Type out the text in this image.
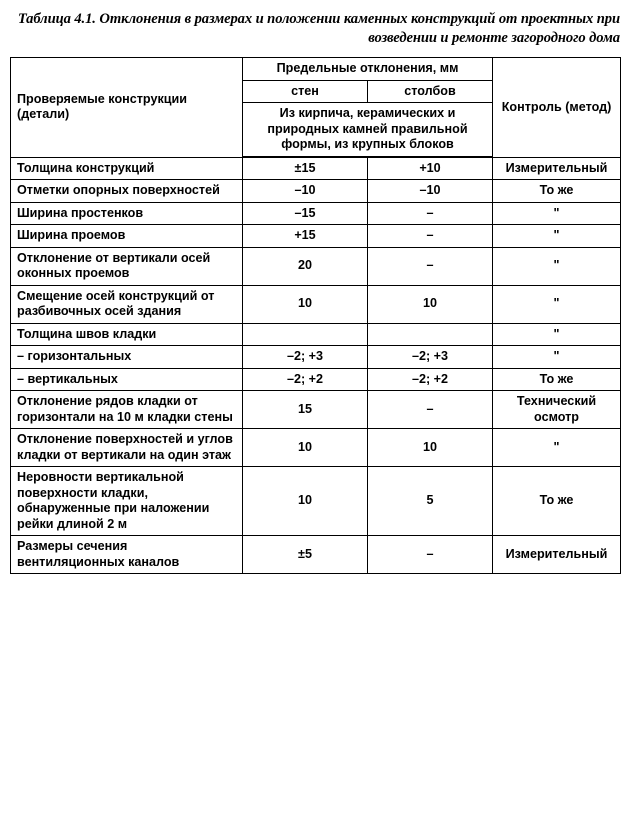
Таблица 4.1. Отклонения в размерах и положении каменных конструкций от проектных при возведении и ремонте загородного дома
Проверяемые конструкции (детали)	Предельные отклонения, мм		Контроль (метод)
	стен	столбов	
	Из кирпича, керамических и природных камней правильной формы, из крупных блоков		

Толщина конструкций	±15	+10	Измерительный
Отметки опорных поверхностей	–10	–10	То же
Ширина простенков	–15	–	"
Ширина проемов	+15	–	"
Отклонение от вертикали осей оконных проемов	20	–	"
Смещение осей конструкций от разбивочных осей здания	10	10	"
Толщина швов кладки			"
– горизонтальных	–2; +3	–2; +3	"
– вертикальных	–2; +2	–2; +2	То же
Отклонение рядов кладки от горизонтали на 10 м кладки стены	15	–	Технический осмотр
Отклонение поверхностей и углов кладки от вертикали на один этаж	10	10	"
Неровности вертикальной поверхности кладки, обнаруженные при наложении рейки длиной 2 м	10	5	То же
Размеры сечения вентиляционных каналов	±5	–	Измерительный
